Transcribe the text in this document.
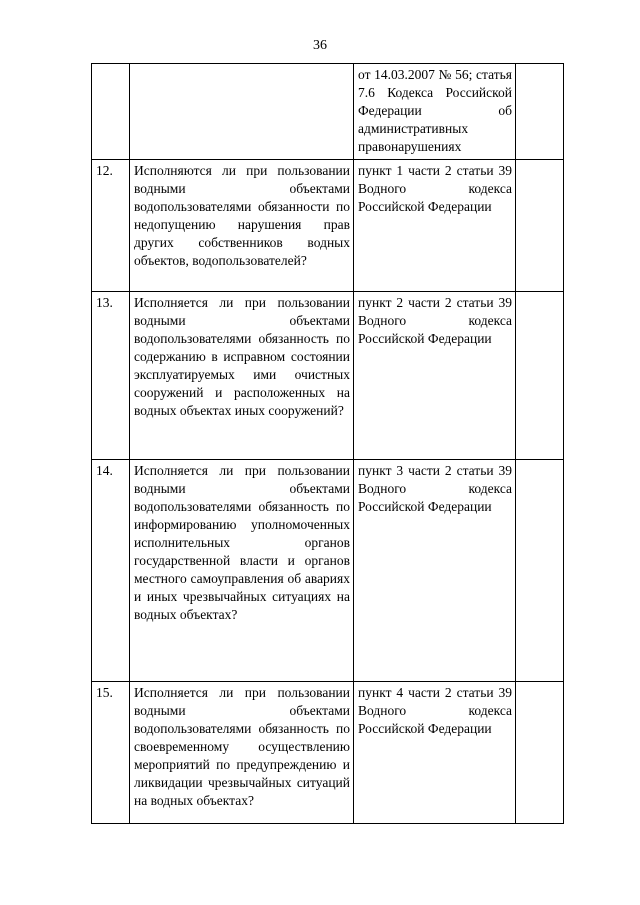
36
		от 14.03.2007 № 56; статья 7.6 Кодекса Российской Федерации об административных правонарушениях	
12.	Исполняются ли при пользовании водными объектами водопользователями обязанности по недопущению нарушения прав других собственников водных объектов, водопользователей?	пункт 1 части 2 статьи 39 Водного кодекса Российской Федерации	
13.	Исполняется ли при пользовании водными объектами водопользователями обязанность по содержанию в исправном состоянии эксплуатируемых ими очистных сооружений и расположенных на водных объектах иных сооружений?	пункт 2 части 2 статьи 39 Водного кодекса Российской Федерации	
14.	Исполняется ли при пользовании водными объектами водопользователями обязанность по информированию уполномоченных исполнительных органов государственной власти и органов местного самоуправления об авариях и иных чрезвычайных ситуациях на водных объектах?	пункт 3 части 2 статьи 39 Водного кодекса Российской Федерации	
15.	Исполняется ли при пользовании водными объектами водопользователями обязанность по своевременному осуществлению мероприятий по предупреждению и ликвидации чрезвычайных ситуаций на водных объектах?	пункт 4 части 2 статьи 39 Водного кодекса Российской Федерации	
